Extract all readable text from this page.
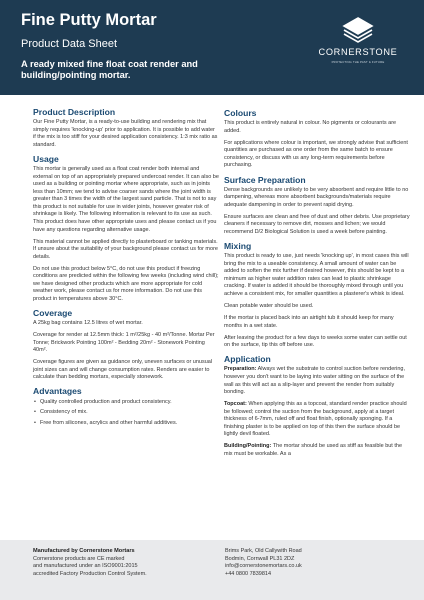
Fine Putty Mortar
Product Data Sheet
A ready mixed fine float coat render and building/pointing mortar.
CORNERSTONE
PROTECTING THE PAST & FUTURE
Product Description

Our Fine Putty Mortar, is a ready-to-use building and rendering mix that simply requires 'knocking-up' prior to application. It is possible to add water if the mix is too stiff for your desired application consistency. 1:3 mix ratio as standard.

Usage

This mortar is generally used as a float coat render both internal and external on top of an appropriately prepared undercoat render. It can also be used as a building or pointing mortar where appropriate, such as in joints less than 10mm; we tend to advise coarser sands where the joint width is greater than 3 times the width of the largest sand particle. That is not to say this product is not suitable for use in wider joints, however greater risk of shrinkage is likely. The following information is relevant to its use as such. This product does have other appropriate uses and please contact us if you have any questions regarding alternative usage.

This material cannot be applied directly to plasterboard or tanking materials. If unsure about the suitability of your background please contact us for more details.

Do not use this product below 5°C, do not use this product if freezing conditions are predicted within the following few weeks (including wind chill); we have designed other products which are more appropriate for cold weather work, please contact us for more information. Do not use this product in temperatures above 30°C.

Coverage

A 25kg bag contains 12.5 litres of wet mortar.

Coverage for render at 12.5mm thick: 1 m²/25kg - 40 m²/Tonne. Mortar Per Tonne; Brickwork Pointing 100m² - Bedding 20m² - Stonework Pointing 40m².

Coverage figures are given as guidance only, uneven surfaces or unusual joint sizes can and will change consumption rates. Renders are easier to calculate than bedding mortars, especially stonework.

Advantages
• Quality controlled production and product consistency.
• Consistency of mix.
• Free from silicones, acrylics and other harmful additives.
Colours

This product is entirely natural in colour. No pigments or colourants are added.

For applications where colour is important, we strongly advise that sufficient quantities are purchased as one order from the same batch to ensure consistency, or discuss with us any long-term requirements before purchasing.

Surface Preparation

Dense backgrounds are unlikely to be very absorbent and require little to no dampening, whereas more absorbent backgrounds/materials require adequate dampening in order to prevent rapid drying.

Ensure surfaces are clean and free of dust and other debris. Use proprietary cleaners if necessary to remove dirt, mosses and lichen; we would recommend D/2 Biological Solution is used a week before painting.

Mixing

This product is ready to use, just needs 'knocking up', in most cases this will bring the mix to a useable consistency. A small amount of water can be added to soften the mix further if desired however, this should be kept to a minimum as higher water addition rates can lead to plastic shrinkage cracking. If water is added it should be thoroughly mixed through until you achieve a consistent mix, for smaller quantities a plasterer's whisk is ideal.

Clean potable water should be used.

If the mortar is placed back into an airtight tub it should keep for many months in a wet state.

After leaving the product for a few days to weeks some water can settle out on the surface, tip this off before use.

Application

Preparation: Always wet the substrate to control suction before rendering, however you don't want to be laying into water sitting on the surface of the wall as this will act as a slip-layer and prevent the render from suitably bonding.

Topcoat: When applying this as a topcoat, standard render practice should be followed; control the suction from the background, apply at a target thickness of 6-7mm, ruled off and float finish, optionally sponging. If a finishing plaster is to be applied on top of this then the surface should be lightly devil floated.

Building/Pointing: The mortar should be used as stiff as feasible but the mix must be workable. As a

Manufactured by Cornerstone Mortars
Cornerstone products are CE marked
and manufactured under an ISO9001:2015
accredited Factory Production Control System.
Brims Park, Old Callywith Road
Bodmin, Cornwall PL31 2DZ
info@cornerstonemortars.co.uk
+44 0800 7839814
